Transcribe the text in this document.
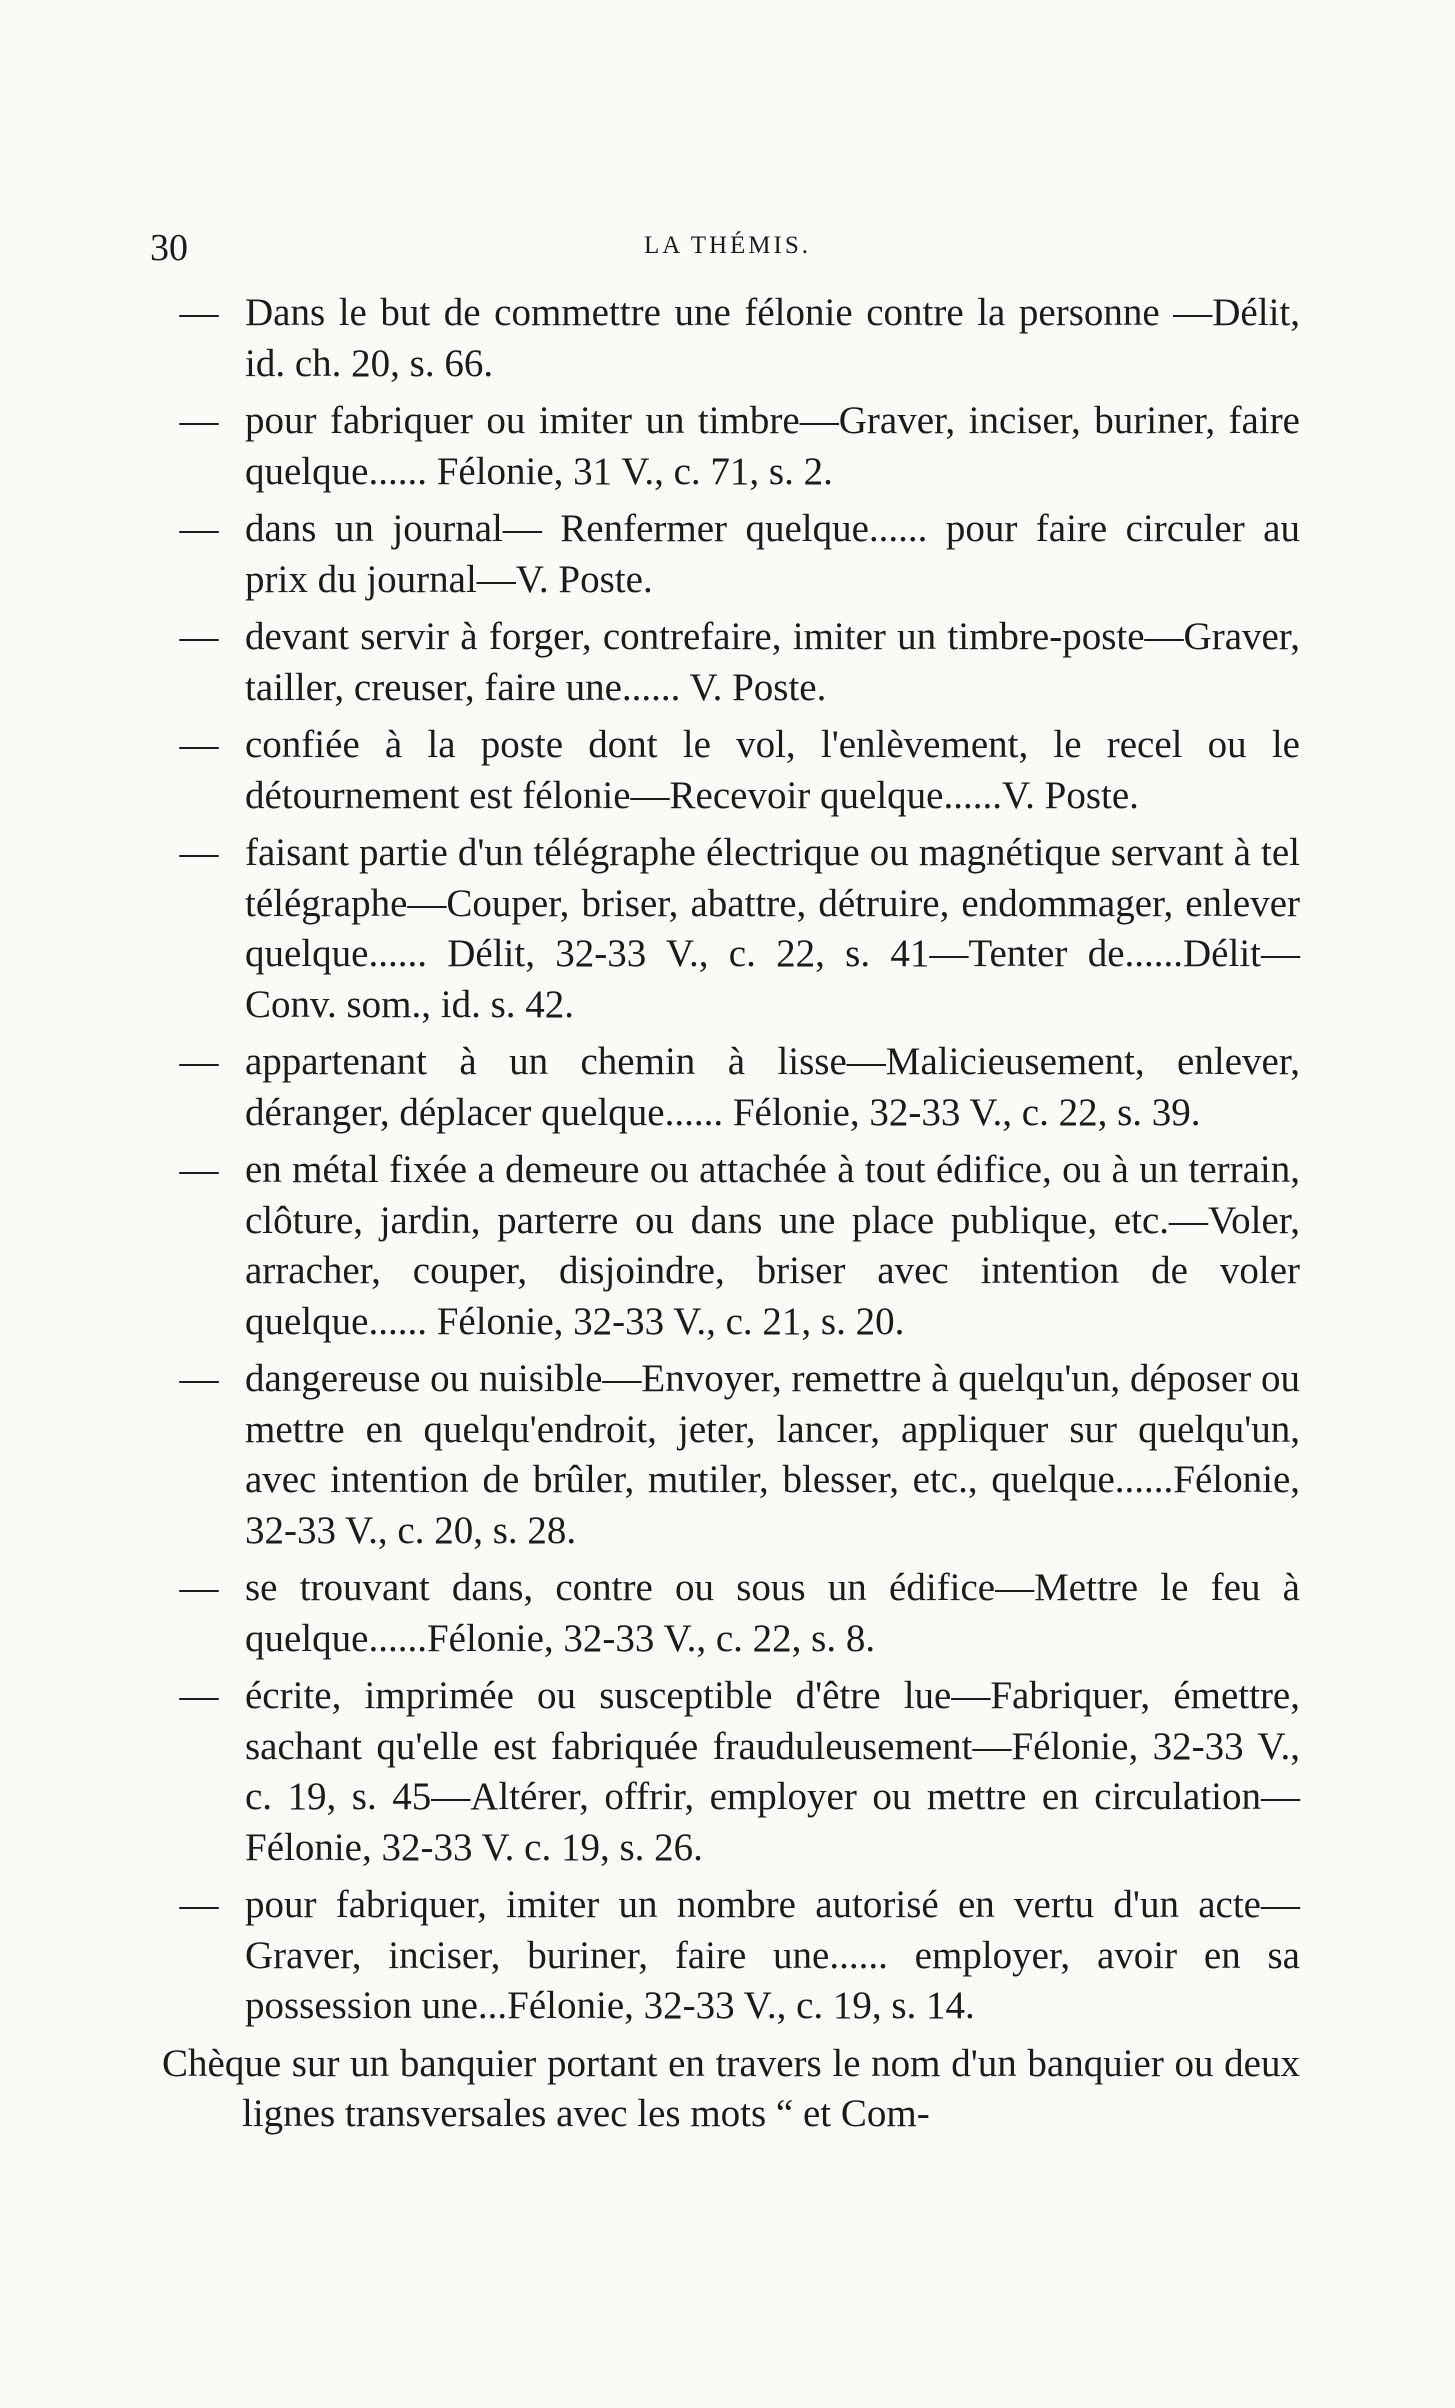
30	LA THÉMIS.
— Dans le but de commettre une félonie contre la personne —Délit, id. ch. 20, s. 66.
— pour fabriquer ou imiter un timbre—Graver, inciser, buriner, faire quelque...... Félonie, 31 V., c. 71, s. 2.
— dans un journal— Renfermer quelque...... pour faire circuler au prix du journal—V. Poste.
— devant servir à forger, contrefaire, imiter un timbre-poste—Graver, tailler, creuser, faire une...... V. Poste.
— confiée à la poste dont le vol, l'enlèvement, le recel ou le détournement est félonie—Recevoir quelque......V. Poste.
— faisant partie d'un télégraphe électrique ou magnétique servant à tel télégraphe—Couper, briser, abattre, détruire, endommager, enlever quelque...... Délit, 32-33 V., c. 22, s. 41—Tenter de......Délit—Conv. som., id. s. 42.
— appartenant à un chemin à lisse—Malicieusement, enlever, déranger, déplacer quelque...... Félonie, 32-33 V., c. 22, s. 39.
— en métal fixée a demeure ou attachée à tout édifice, ou à un terrain, clôture, jardin, parterre ou dans une place publique, etc.—Voler, arracher, couper, disjoindre, briser avec intention de voler quelque...... Félonie, 32-33 V., c. 21, s. 20.
— dangereuse ou nuisible—Envoyer, remettre à quelqu'un, déposer ou mettre en quelqu'endroit, jeter, lancer, appliquer sur quelqu'un, avec intention de brûler, mutiler, blesser, etc., quelque......Félonie, 32-33 V., c. 20, s. 28.
— se trouvant dans, contre ou sous un édifice—Mettre le feu à quelque......Félonie, 32-33 V., c. 22, s. 8.
— écrite, imprimée ou susceptible d'être lue—Fabriquer, émettre, sachant qu'elle est fabriquée frauduleusement—Félonie, 32-33 V., c. 19, s. 45—Altérer, offrir, employer ou mettre en circulation—Félonie, 32-33 V. c. 19, s. 26.
— pour fabriquer, imiter un nombre autorisé en vertu d'un acte—Graver, inciser, buriner, faire une...... employer, avoir en sa possession une...Félonie, 32-33 V., c. 19, s. 14.
Chèque sur un banquier portant en travers le nom d'un banquier ou deux lignes transversales avec les mots “ et Com-
